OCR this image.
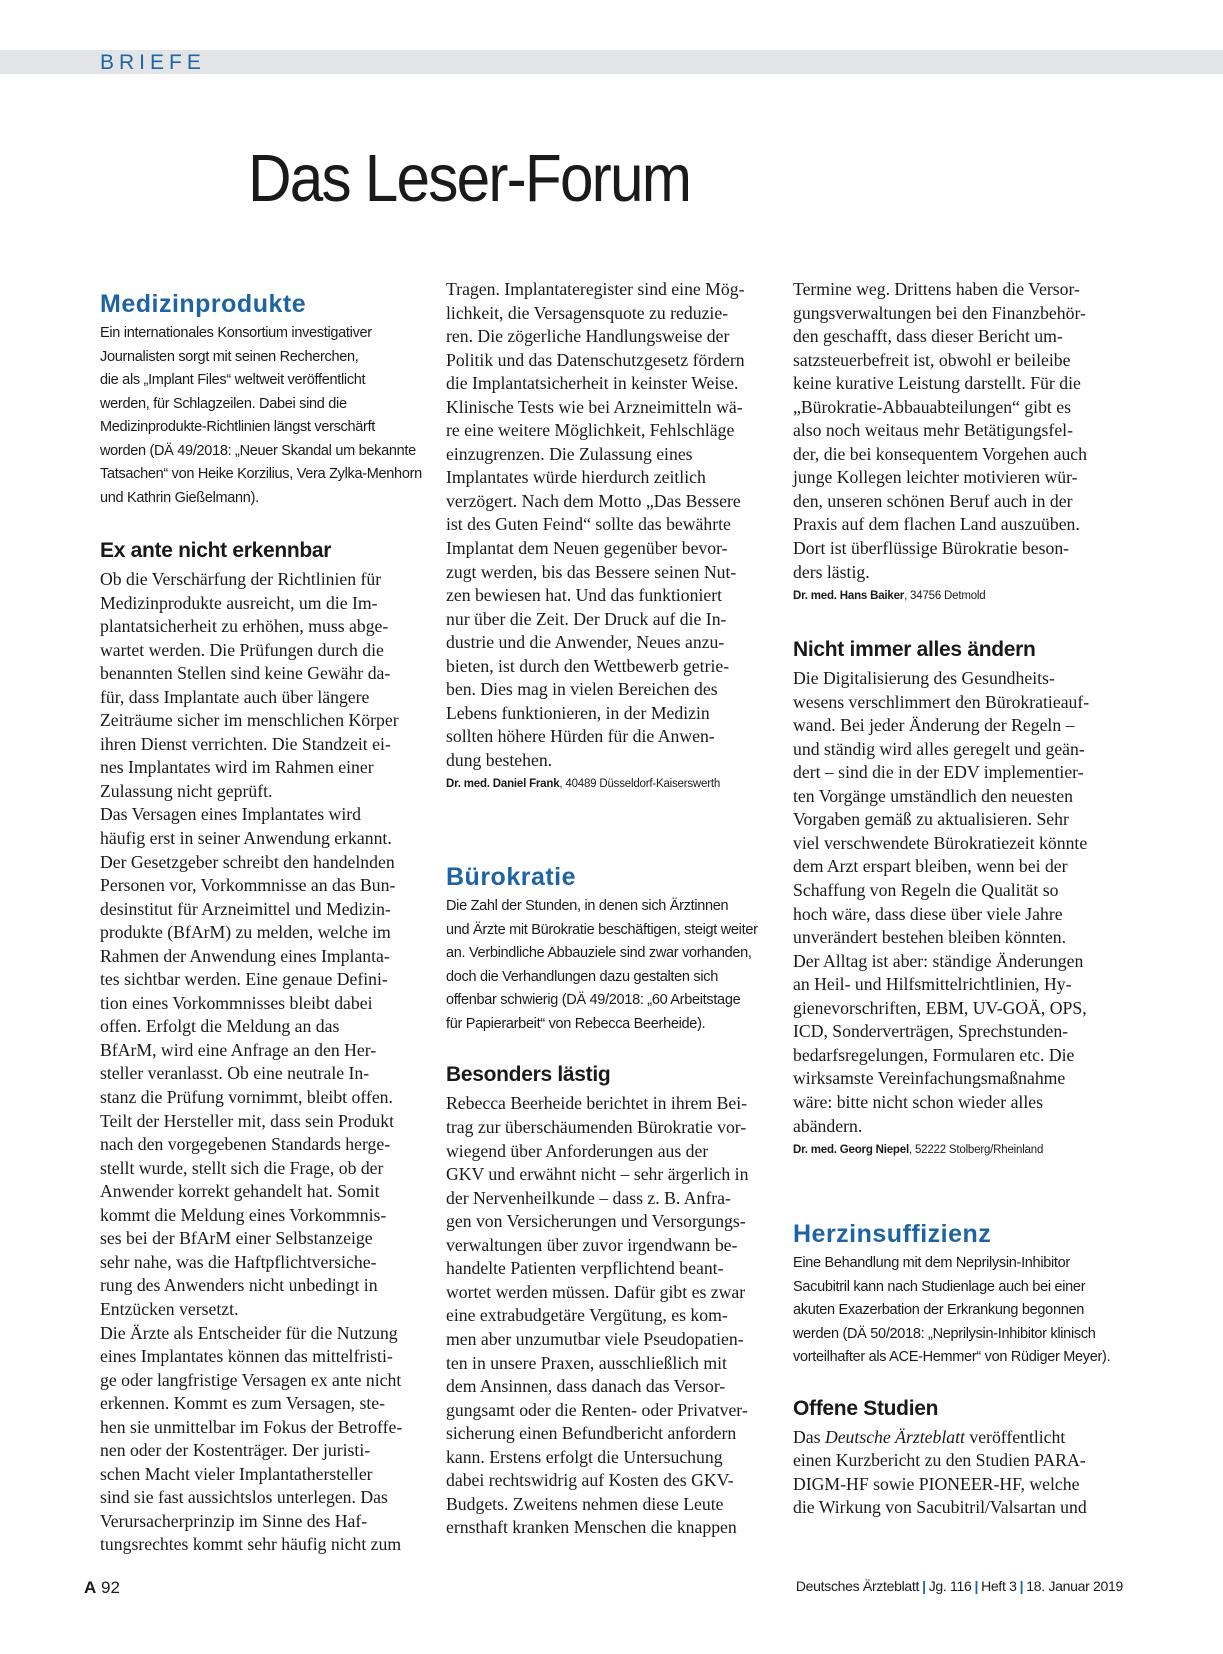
BRIEFE
Das Leser-Forum
Medizinprodukte

Ein internationales Konsortium investigativer
Journalisten sorgt mit seinen Recherchen,
die als „Implant Files“ weltweit veröffentlicht
werden, für Schlagzeilen. Dabei sind die
Medizinprodukte-Richtlinien längst verschärft
worden (DÄ 49/2018: „Neuer Skandal um bekannte
Tatsachen“ von Heike Korzilius, Vera Zylka-Menhorn
und Kathrin Gießelmann).

Ex ante nicht erkennbar

Ob die Verschärfung der Richtlinien für
Medizinprodukte ausreicht, um die Im-
plantatsicherheit zu erhöhen, muss abge-
wartet werden. Die Prüfungen durch die
benannten Stellen sind keine Gewähr da-
für, dass Implantate auch über längere
Zeiträume sicher im menschlichen Körper
ihren Dienst verrichten. Die Standzeit ei-
nes Implantates wird im Rahmen einer
Zulassung nicht geprüft.
Das Versagen eines Implantates wird
häufig erst in seiner Anwendung erkannt.
Der Gesetzgeber schreibt den handelnden
Personen vor, Vorkommnisse an das Bun-
desinstitut für Arzneimittel und Medizin-
produkte (BfArM) zu melden, welche im
Rahmen der Anwendung eines Implanta-
tes sichtbar werden. Eine genaue Defini-
tion eines Vorkommnisses bleibt dabei
offen. Erfolgt die Meldung an das
BfArM, wird eine Anfrage an den Her-
steller veranlasst. Ob eine neutrale In-
stanz die Prüfung vornimmt, bleibt offen.
Teilt der Hersteller mit, dass sein Produkt
nach den vorgegebenen Standards herge-
stellt wurde, stellt sich die Frage, ob der
Anwender korrekt gehandelt hat. Somit
kommt die Meldung eines Vorkommnis-
ses bei der BfArM einer Selbstanzeige
sehr nahe, was die Haftpflichtversiche-
rung des Anwenders nicht unbedingt in
Entzücken versetzt.
Die Ärzte als Entscheider für die Nutzung
eines Implantates können das mittelfristi-
ge oder langfristige Versagen ex ante nicht
erkennen. Kommt es zum Versagen, ste-
hen sie unmittelbar im Fokus der Betroffe-
nen oder der Kostenträger. Der juristi-
schen Macht vieler Implantathersteller
sind sie fast aussichtslos unterlegen. Das
Verursacherprinzip im Sinne des Haf-
tungsrechtes kommt sehr häufig nicht zum

Tragen. Implantateregister sind eine Mög-
lichkeit, die Versagensquote zu reduzie-
ren. Die zögerliche Handlungsweise der
Politik und das Datenschutzgesetz fördern
die Implantatsicherheit in keinster Weise.
Klinische Tests wie bei Arzneimitteln wä-
re eine weitere Möglichkeit, Fehlschläge
einzugrenzen. Die Zulassung eines
Implantates würde hierdurch zeitlich
verzögert. Nach dem Motto „Das Bessere
ist des Guten Feind“ sollte das bewährte
Implantat dem Neuen gegenüber bevor-
zugt werden, bis das Bessere seinen Nut-
zen bewiesen hat. Und das funktioniert
nur über die Zeit. Der Druck auf die In-
dustrie und die Anwender, Neues anzu-
bieten, ist durch den Wettbewerb getrie-
ben. Dies mag in vielen Bereichen des
Lebens funktionieren, in der Medizin
sollten höhere Hürden für die Anwen-
dung bestehen.

Dr. med. Daniel Frank, 40489 Düsseldorf-Kaiserswerth

Bürokratie

Die Zahl der Stunden, in denen sich Ärztinnen
und Ärzte mit Bürokratie beschäftigen, steigt weiter
an. Verbindliche Abbauziele sind zwar vorhanden,
doch die Verhandlungen dazu gestalten sich
offenbar schwierig (DÄ 49/2018: „60 Arbeitstage
für Papierarbeit“ von Rebecca Beerheide).

Besonders lästig

Rebecca Beerheide berichtet in ihrem Bei-
trag zur überschäumenden Bürokratie vor-
wiegend über Anforderungen aus der
GKV und erwähnt nicht – sehr ärgerlich in
der Nervenheilkunde – dass z. B. Anfra-
gen von Versicherungen und Versorgungs-
verwaltungen über zuvor irgendwann be-
handelte Patienten verpflichtend beant-
wortet werden müssen. Dafür gibt es zwar
eine extrabudgetäre Vergütung, es kom-
men aber unzumutbar viele Pseudopatien-
ten in unsere Praxen, ausschließlich mit
dem Ansinnen, dass danach das Versor-
gungsamt oder die Renten- oder Privatver-
sicherung einen Befundbericht anfordern
kann. Erstens erfolgt die Untersuchung
dabei rechtswidrig auf Kosten des GKV-
Budgets. Zweitens nehmen diese Leute
ernsthaft kranken Menschen die knappen

Termine weg. Drittens haben die Versor-
gungsverwaltungen bei den Finanzbehör-
den geschafft, dass dieser Bericht um-
satzsteuerbefreit ist, obwohl er beileibe
keine kurative Leistung darstellt. Für die
„Bürokratie-Abbauabteilungen“ gibt es
also noch weitaus mehr Betätigungsfel-
der, die bei konsequentem Vorgehen auch
junge Kollegen leichter motivieren wür-
den, unseren schönen Beruf auch in der
Praxis auf dem flachen Land auszuüben.
Dort ist überflüssige Bürokratie beson-
ders lästig.

Dr. med. Hans Baiker, 34756 Detmold

Nicht immer alles ändern

Die Digitalisierung des Gesundheits-
wesens verschlimmert den Bürokratieauf-
wand. Bei jeder Änderung der Regeln –
und ständig wird alles geregelt und geän-
dert – sind die in der EDV implementier-
ten Vorgänge umständlich den neuesten
Vorgaben gemäß zu aktualisieren. Sehr
viel verschwendete Bürokratiezeit könnte
dem Arzt erspart bleiben, wenn bei der
Schaffung von Regeln die Qualität so
hoch wäre, dass diese über viele Jahre
unverändert bestehen bleiben könnten.
Der Alltag ist aber: ständige Änderungen
an Heil- und Hilfsmittelrichtlinien, Hy-
gienevorschriften, EBM, UV-GOÄ, OPS,
ICD, Sonderverträgen, Sprechstunden-
bedarfsregelungen, Formularen etc. Die
wirksamste Vereinfachungsmaßnahme
wäre: bitte nicht schon wieder alles
abändern.

Dr. med. Georg Niepel, 52222 Stolberg/Rheinland

Herzinsuffizienz

Eine Behandlung mit dem Neprilysin-Inhibitor
Sacubitril kann nach Studienlage auch bei einer
akuten Exazerbation der Erkrankung begonnen
werden (DÄ 50/2018: „Neprilysin-Inhibitor klinisch
vorteilhafter als ACE-Hemmer“ von Rüdiger Meyer).

Offene Studien

Das Deutsche Ärzteblatt veröffentlicht
einen Kurzbericht zu den Studien PARA-
DIGM-HF sowie PIONEER-HF, welche
die Wirkung von Sacubitril/Valsartan und

A 92	Deutsches Ärzteblatt | Jg. 116 | Heft 3 | 18. Januar 2019
